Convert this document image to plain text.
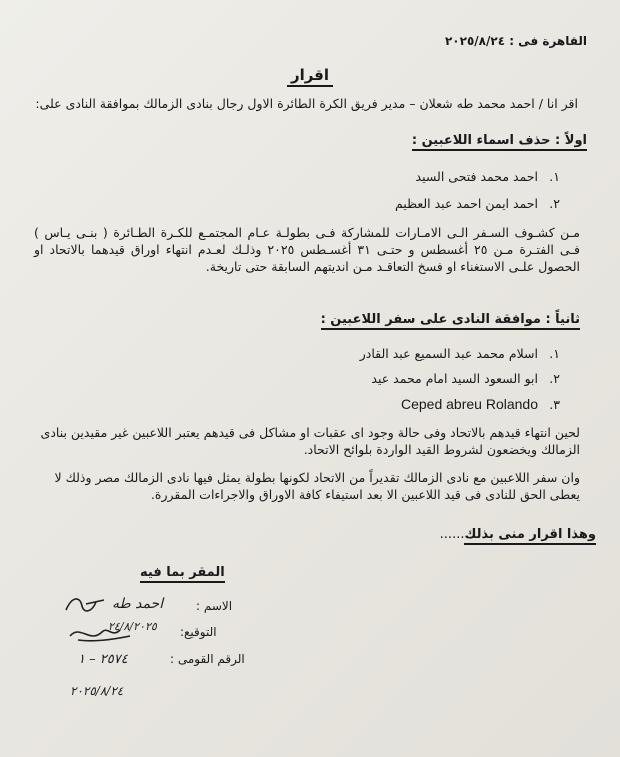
القاهرة فى : ٢٠٢٥/٨/٢٤
اقرار
اقر انا / احمد محمد طه شعلان – مدير فريق الكرة الطائرة الاول رجال بنادى الزمالك بموافقة النادى على:
اولاً : حذف اسماء اللاعبين :
١.احمد محمد فتحى السيد
٢.احمد ايمن احمد عبد العظيم
مـن كشـوف السـفر الـى الامـارات للمشاركة فـى بطولـة عـام المجتمـع للكـرة الطـائرة ( بنـى يـاس ) فـى الفتـرة مـن ٢٥ أغسطس و حتـى ٣١ أغسـطس ٢٠٢٥ وذلـك لعـدم انتهاء اوراق قيدهما بالاتحاد او الحصول علـى الاستغناء او فسخ التعاقـد مـن انديتهم السابقة حتى تاريخة.
ثانياً : موافقة النادى على سفر اللاعبين :
١.اسلام محمد عبد السميع عبد القادر
٢.ابو السعود السيد امام محمد عيد
٣.Ceped abreu Rolando
لحين انتهاء قيدهم بالاتحاد وفى حالة وجود اى عقبات او مشاكل فى قيدهم يعتبر اللاعبين غير مقيدين بنادى الزمالك ويخضعون لشروط القيد الواردة بلوائح الاتحاد.
وان سفر اللاعبين مع نادى الزمالك تقديراً من الاتحاد لكونها بطولة يمثل فيها نادى الزمالك مصر وذلك لا يعطى الحق للنادى فى قيد اللاعبين الا بعد استيفاء كافة الاوراق والاجراءات المقررة.
وهذا اقرار منى بذلك......
المقر بما فيه
الاسم :
التوقيع:
الرقم القومى :
احمد طه
٢٤/٨/٢٠٢٥
٢٥٧٤ – ١
٢٠٢٥/٨/٢٤
